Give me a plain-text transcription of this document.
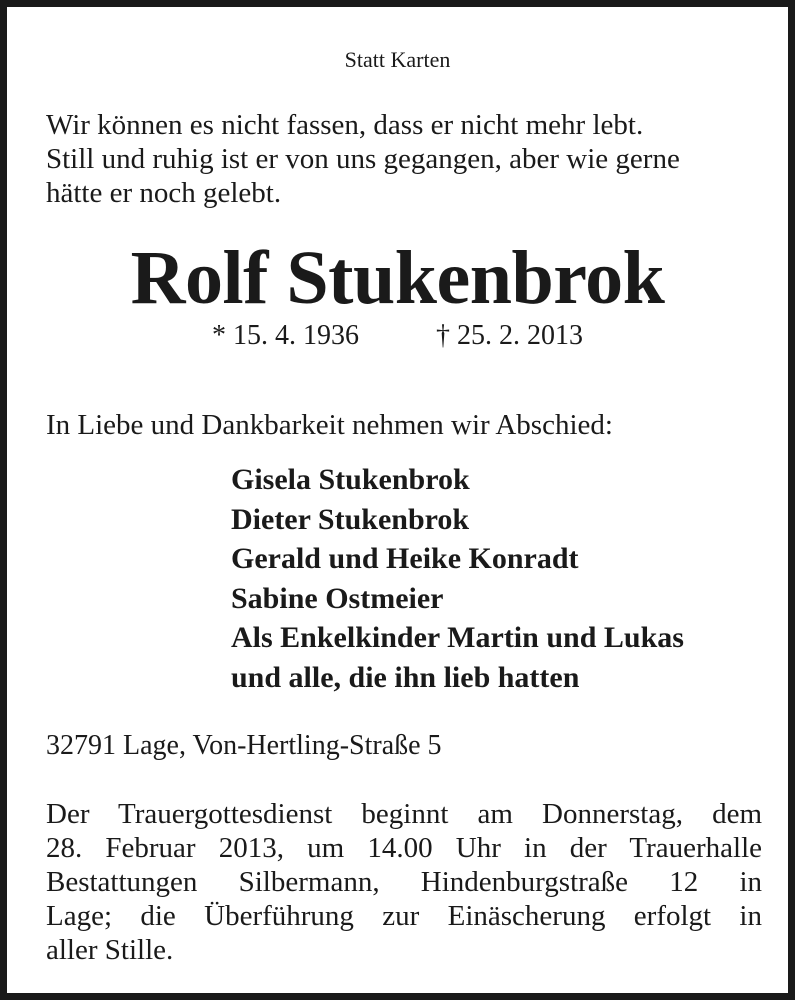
Statt Karten
Wir können es nicht fassen, dass er nicht mehr lebt.
Still und ruhig ist er von uns gegangen, aber wie gerne
hätte er noch gelebt.
Rolf Stukenbrok
* 15. 4. 1936	† 25. 2. 2013
In Liebe und Dankbarkeit nehmen wir Abschied:
Gisela Stukenbrok
Dieter Stukenbrok
Gerald und Heike Konradt
Sabine Ostmeier
Als Enkelkinder Martin und Lukas
und alle, die ihn lieb hatten
32791 Lage, Von-Hertling-Straße 5
Der Trauergottesdienst beginnt am Donnerstag, dem
28. Februar 2013, um 14.00 Uhr in der Trauerhalle
Bestattungen Silbermann, Hindenburgstraße 12 in
Lage; die Überführung zur Einäscherung erfolgt in
aller Stille.
